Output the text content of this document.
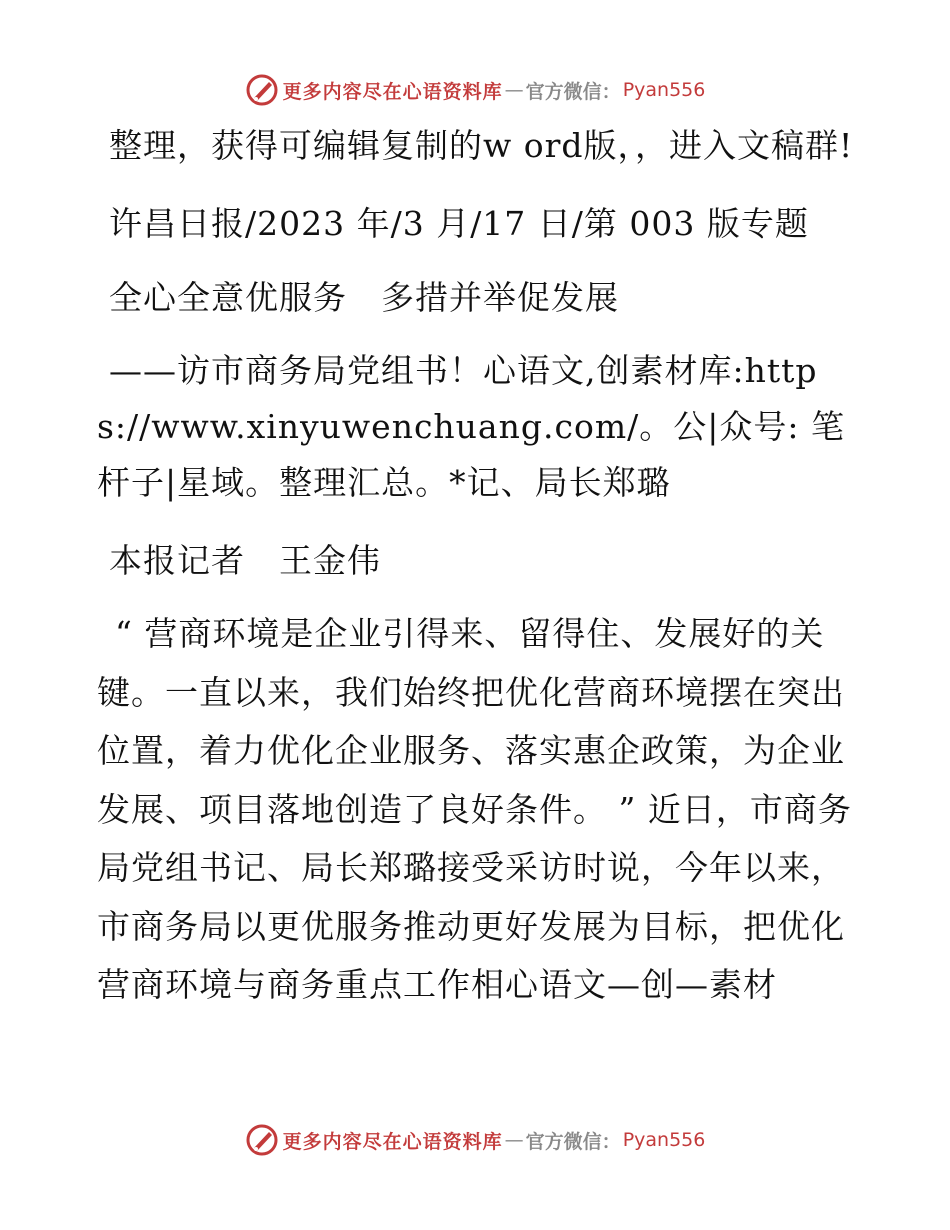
更多内容尽在心语资料库 — 官方微信： Pyan556

整理，获得可编辑复制的w ord版，，进入文稿群!

许昌日报/2023 年/3 月/17 日/第 003 版专题

全心全意优服务　多措并举促发展

——访市商务局党组书！心语文,创素材库:https://www.xinyuwenchuang.com/。公|众号: 笔杆子|星域。整理汇总。*记、局长郑璐

本报记者　王金伟

“ 营商环境是企业引得来、留得住、发展好的关键。一直以来，我们始终把优化营商环境摆在突出位置，着力优化企业服务、落实惠企政策，为企业发展、项目落地创造了良好条件。 ” 近日，市商务局党组书记、局长郑璐接受采访时说，今年以来，市商务局以更优服务推动更好发展为目标，把优化营商环境与商务重点工作相心语文—创—素材

更多内容尽在心语资料库 — 官方微信： Pyan556
